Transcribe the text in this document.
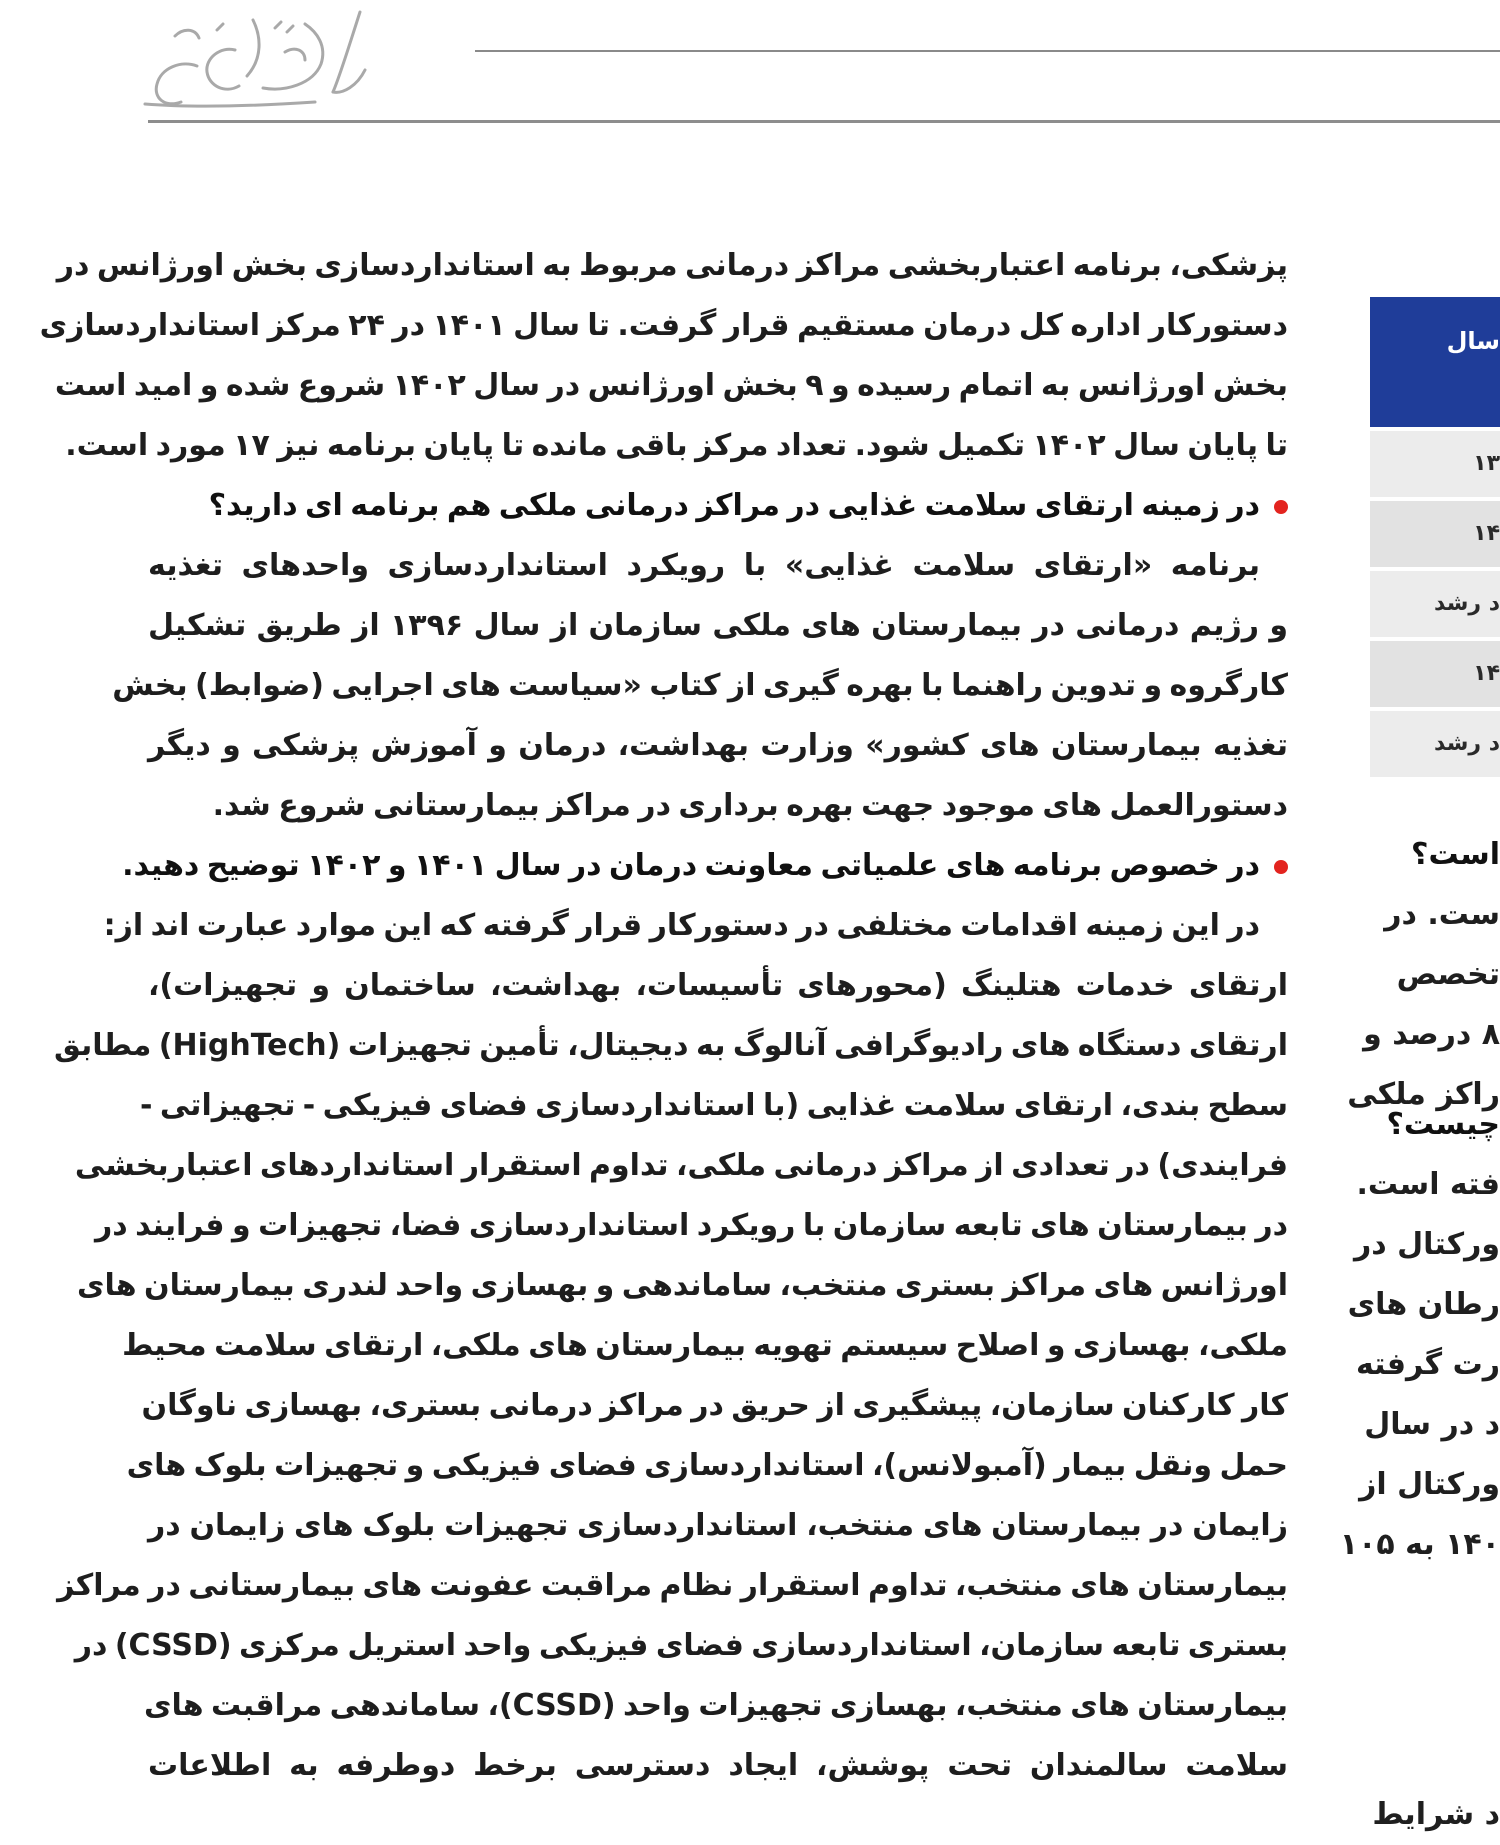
پزشکی، برنامه اعتباربخشی مراکز درمانی مربوط به استانداردسازی بخش اورژانس در
دستورکار اداره کل درمان مستقیم قرار گرفت. تا سال ۱۴۰۱ در ۲۴ مرکز استانداردسازی
بخش اورژانس به اتمام رسیده و ۹ بخش اورژانس در سال ۱۴۰۲ شروع شده و امید است
تا پایان سال ۱۴۰۲ تکمیل شود. تعداد مرکز باقی مانده تا پایان برنامه نیز ۱۷ مورد است.
در زمینه ارتقای سلامت غذایی در مراکز درمانی ملکی هم برنامه ای دارید؟
برنامه «ارتقای سلامت غذایی» با رویکرد استانداردسازی واحدهای تغذیه
و رژیم درمانی در بیمارستان های ملکی سازمان از سال ۱۳۹۶ از طریق تشکیل
کارگروه و تدوین راهنما با بهره گیری از کتاب «سیاست های اجرایی (ضوابط) بخش
تغذیه بیمارستان های کشور» وزارت بهداشت، درمان و آموزش پزشکی و دیگر
دستورالعمل های موجود جهت بهره برداری در مراکز بیمارستانی شروع شد.
در خصوص برنامه های علمیاتی معاونت درمان در سال ۱۴۰۱ و ۱۴۰۲ توضیح دهید.
در این زمینه اقدامات مختلفی در دستورکار قرار گرفته که این موارد عبارت اند از:
ارتقای خدمات هتلینگ (محورهای تأسیسات، بهداشت، ساختمان و تجهیزات)،
ارتقای دستگاه های رادیوگرافی آنالوگ به دیجیتال، تأمین تجهیزات (HighTech) مطابق
سطح بندی، ارتقای سلامت غذایی (با استانداردسازی فضای فیزیکی - تجهیزاتی -
فرایندی) در تعدادی از مراکز درمانی ملکی، تداوم استقرار استانداردهای اعتباربخشی
در بیمارستان های تابعه سازمان با رویکرد استانداردسازی فضا، تجهیزات و فرایند در
اورژانس های مراکز بستری منتخب، ساماندهی و بهسازی واحد لندری بیمارستان های
ملکی، بهسازی و اصلاح سیستم تهویه بیمارستان های ملکی، ارتقای سلامت محیط
کار کارکنان سازمان، پیشگیری از حریق در مراکز درمانی بستری، بهسازی ناوگان
حمل ونقل بیمار (آمبولانس)، استانداردسازی فضای فیزیکی و تجهیزات بلوک های
زایمان در بیمارستان های منتخب، استانداردسازی تجهیزات بلوک های زایمان در
بیمارستان های منتخب، تداوم استقرار نظام مراقبت عفونت های بیمارستانی در مراکز
بستری تابعه سازمان، استانداردسازی فضای فیزیکی واحد استریل مرکزی (CSSD) در
بیمارستان های منتخب، بهسازی تجهیزات واحد (CSSD)، ساماندهی مراقبت های
سلامت سالمندان تحت پوشش، ایجاد دسترسی برخط دوطرفه به اطلاعات
سال
۱۳
۱۴
د رشد
۱۴
د رشد
است؟
ست. در
تخصص
۸ درصد و
راکز ملکی
چیست؟
فته است.
ورکتال در
رطان های
رت گرفته
د در سال
ورکتال از
۱۴۰ به ۱۰۵
د شرایط
